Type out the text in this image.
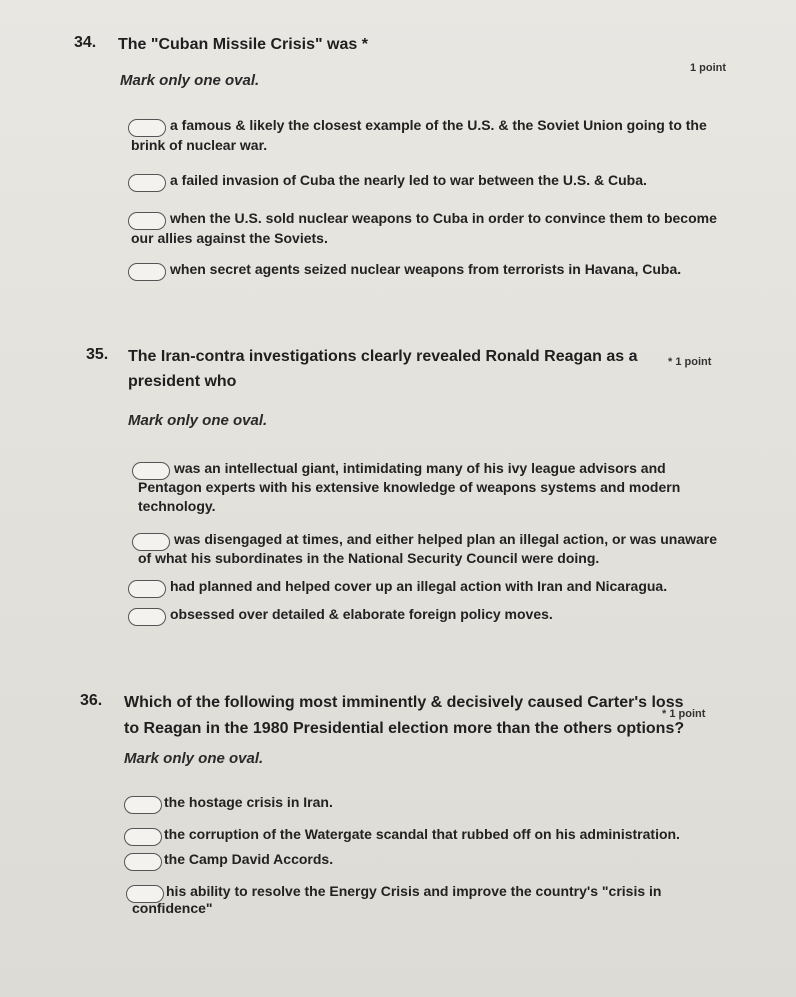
34. The "Cuban Missile Crisis" was *
1 point
Mark only one oval.
a famous & likely the closest example of the U.S. & the Soviet Union going to the
brink of nuclear war.
a failed invasion of Cuba the nearly led to war between the U.S. & Cuba.
when the U.S. sold nuclear weapons to Cuba in order to convince them to become
our allies against the Soviets.
when secret agents seized nuclear weapons from terrorists in Havana, Cuba.
35. The Iran-contra investigations clearly revealed Ronald Reagan as a
president who
* 1 point
Mark only one oval.
was an intellectual giant, intimidating many of his ivy league advisors and
Pentagon experts with his extensive knowledge of weapons systems and modern
technology.
was disengaged at times, and either helped plan an illegal action, or was unaware
of what his subordinates in the National Security Council were doing.
had planned and helped cover up an illegal action with Iran and Nicaragua.
obsessed over detailed & elaborate foreign policy moves.
36. Which of the following most imminently & decisively caused Carter's loss
to Reagan in the 1980 Presidential election more than the others options?
* 1 point
Mark only one oval.
the hostage crisis in Iran.
the corruption of the Watergate scandal that rubbed off on his administration.
the Camp David Accords.
his ability to resolve the Energy Crisis and improve the country's "crisis in
confidence"
